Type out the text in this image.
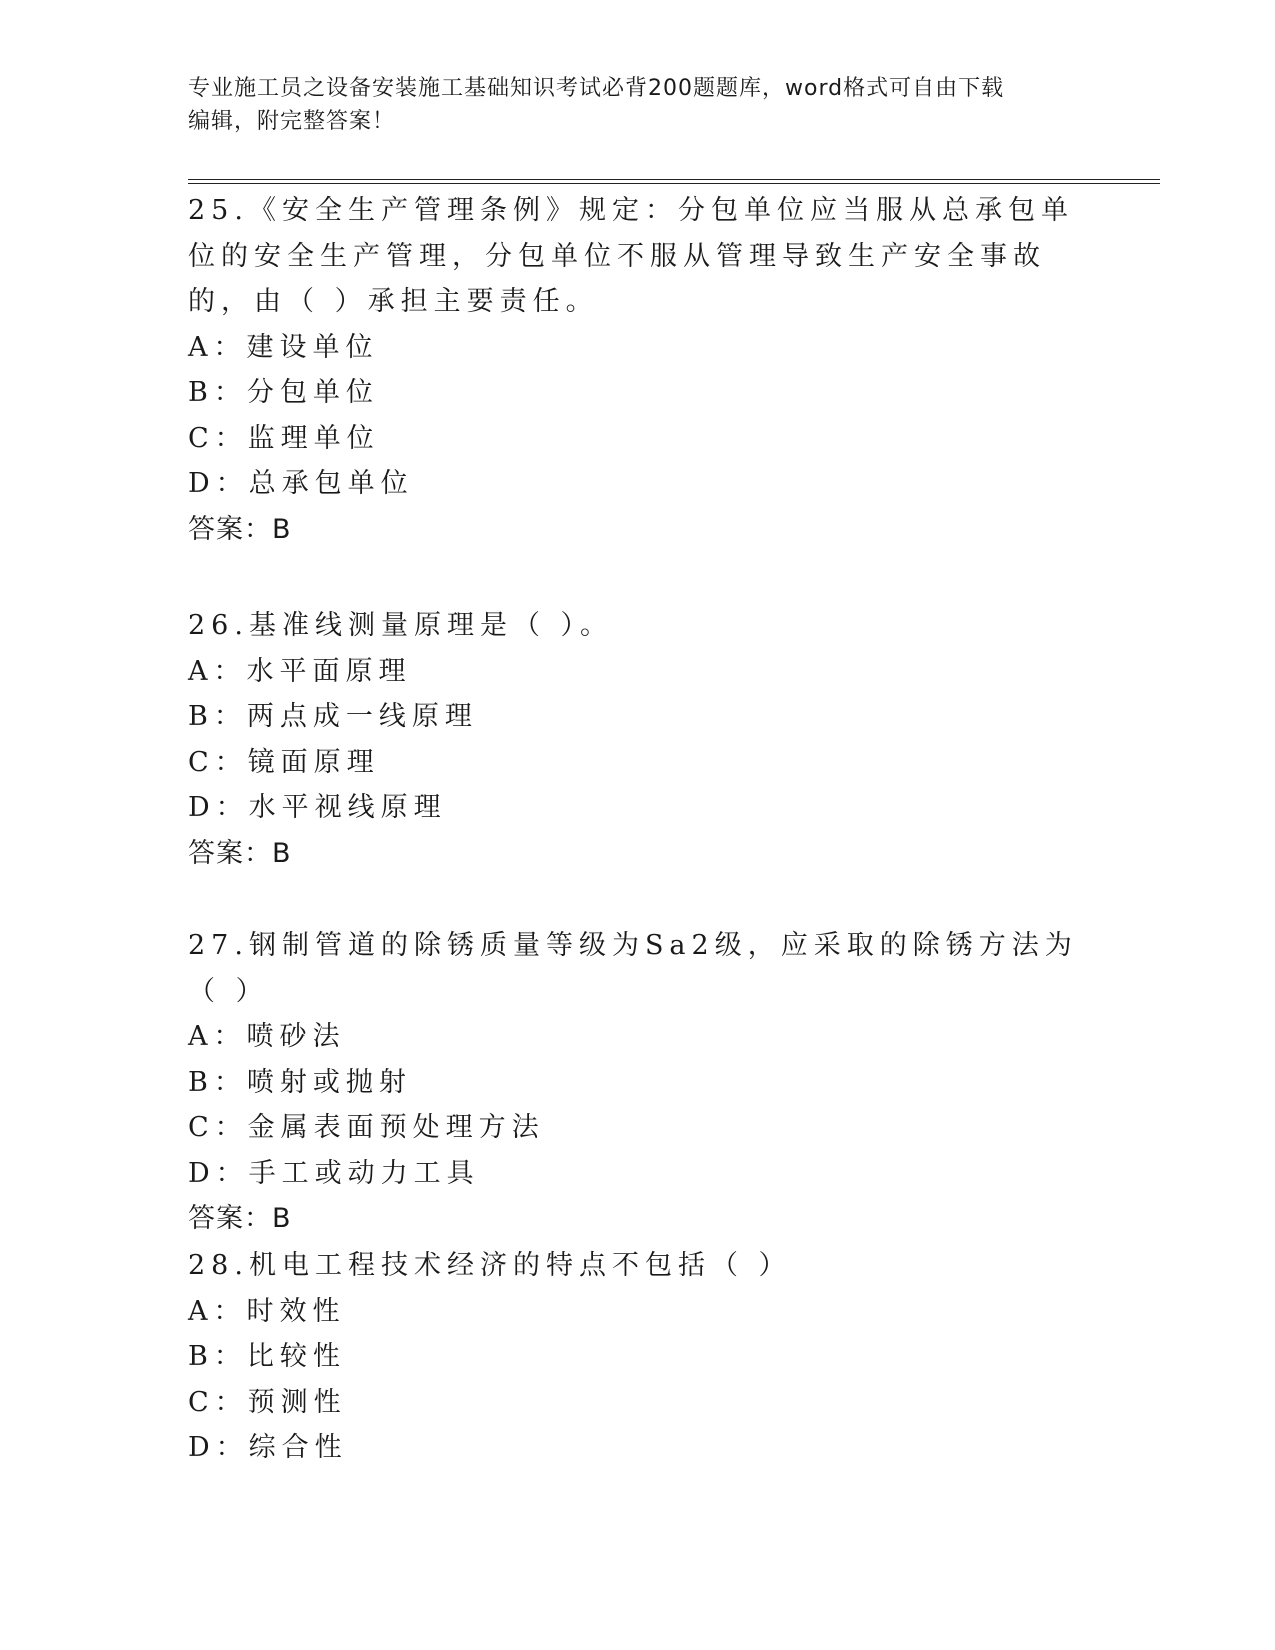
专业施工员之设备安装施工基础知识考试必背200题题库，word格式可自由下载
编辑，附完整答案！
25.《安全生产管理条例》规定：分包单位应当服从总承包单位的安全生产管理，分包单位不服从管理导致生产安全事故的，由（ ）承担主要责任。
A：建设单位
B：分包单位
C：监理单位
D：总承包单位
答案：B
26.基准线测量原理是（ ）。
A：水平面原理
B：两点成一线原理
C：镜面原理
D：水平视线原理
答案：B
27.钢制管道的除锈质量等级为Sa2级，应采取的除锈方法为（ ）
A：喷砂法
B：喷射或抛射
C：金属表面预处理方法
D：手工或动力工具
答案：B
28.机电工程技术经济的特点不包括（ ）
A：时效性
B：比较性
C：预测性
D：综合性
